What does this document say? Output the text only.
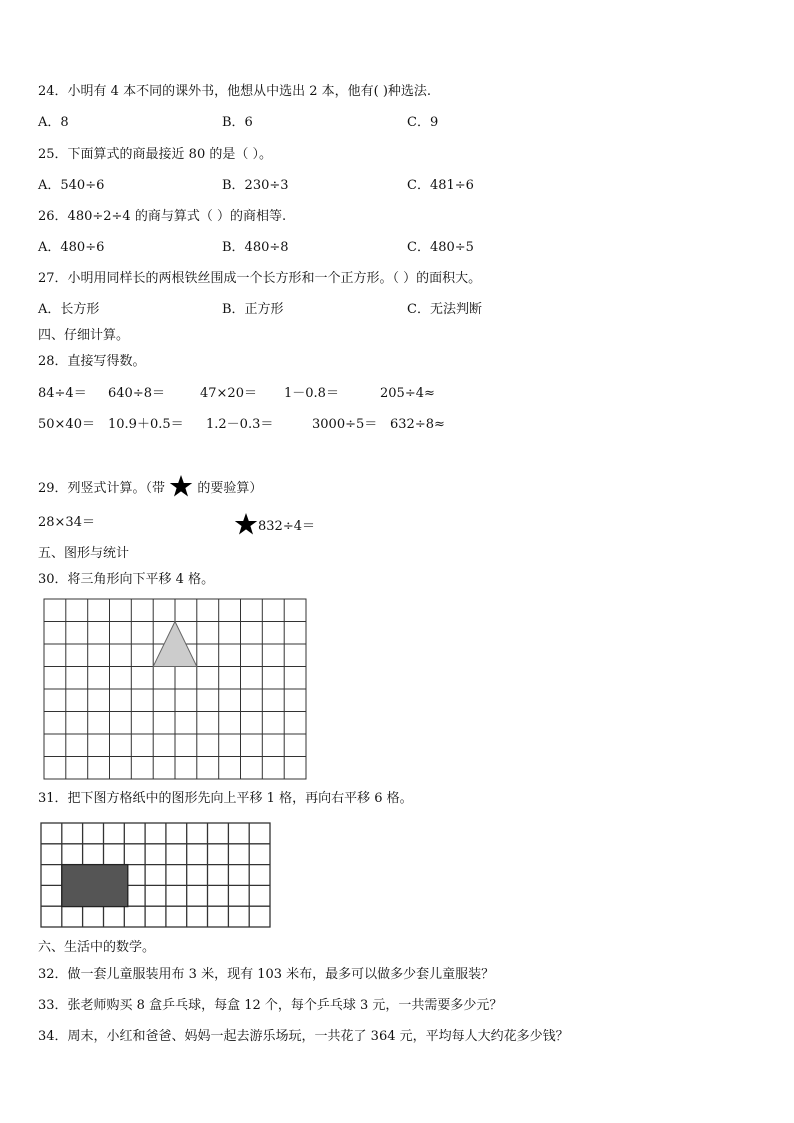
24．小明有 4 本不同的课外书，他想从中选出 2 本，他有( )种选法.
A．8	B．6	C．9
25．下面算式的商最接近 80 的是（ ）。
A．540÷6	B．230÷3	C．481÷6
26．480÷2÷4 的商与算式（ ）的商相等.
A．480÷6	B．480÷8	C．480÷5
27．小明用同样长的两根铁丝围成一个长方形和一个正方形。（ ）的面积大。
A．长方形	B．正方形	C．无法判断
四、仔细计算。
28．直接写得数。
84÷4＝ 640÷8＝	47×20＝ 1－0.8＝	205÷4≈
50×40＝ 10.9＋0.5＝ 1.2－0.3＝	3000÷5＝ 632÷8≈
29．列竖式计算。（带 的要验算）
28×34＝	832÷4＝
五、图形与统计
30．将三角形向下平移 4 格。
31．把下图方格纸中的图形先向上平移 1 格，再向右平移 6 格。
六、生活中的数学。
32．做一套儿童服装用布 3 米，现有 103 米布，最多可以做多少套儿童服装？
33．张老师购买 8 盒乒乓球，每盒 12 个，每个乒乓球 3 元，一共需要多少元？
34．周末，小红和爸爸、妈妈一起去游乐场玩，一共花了 364 元，平均每人大约花多少钱？
